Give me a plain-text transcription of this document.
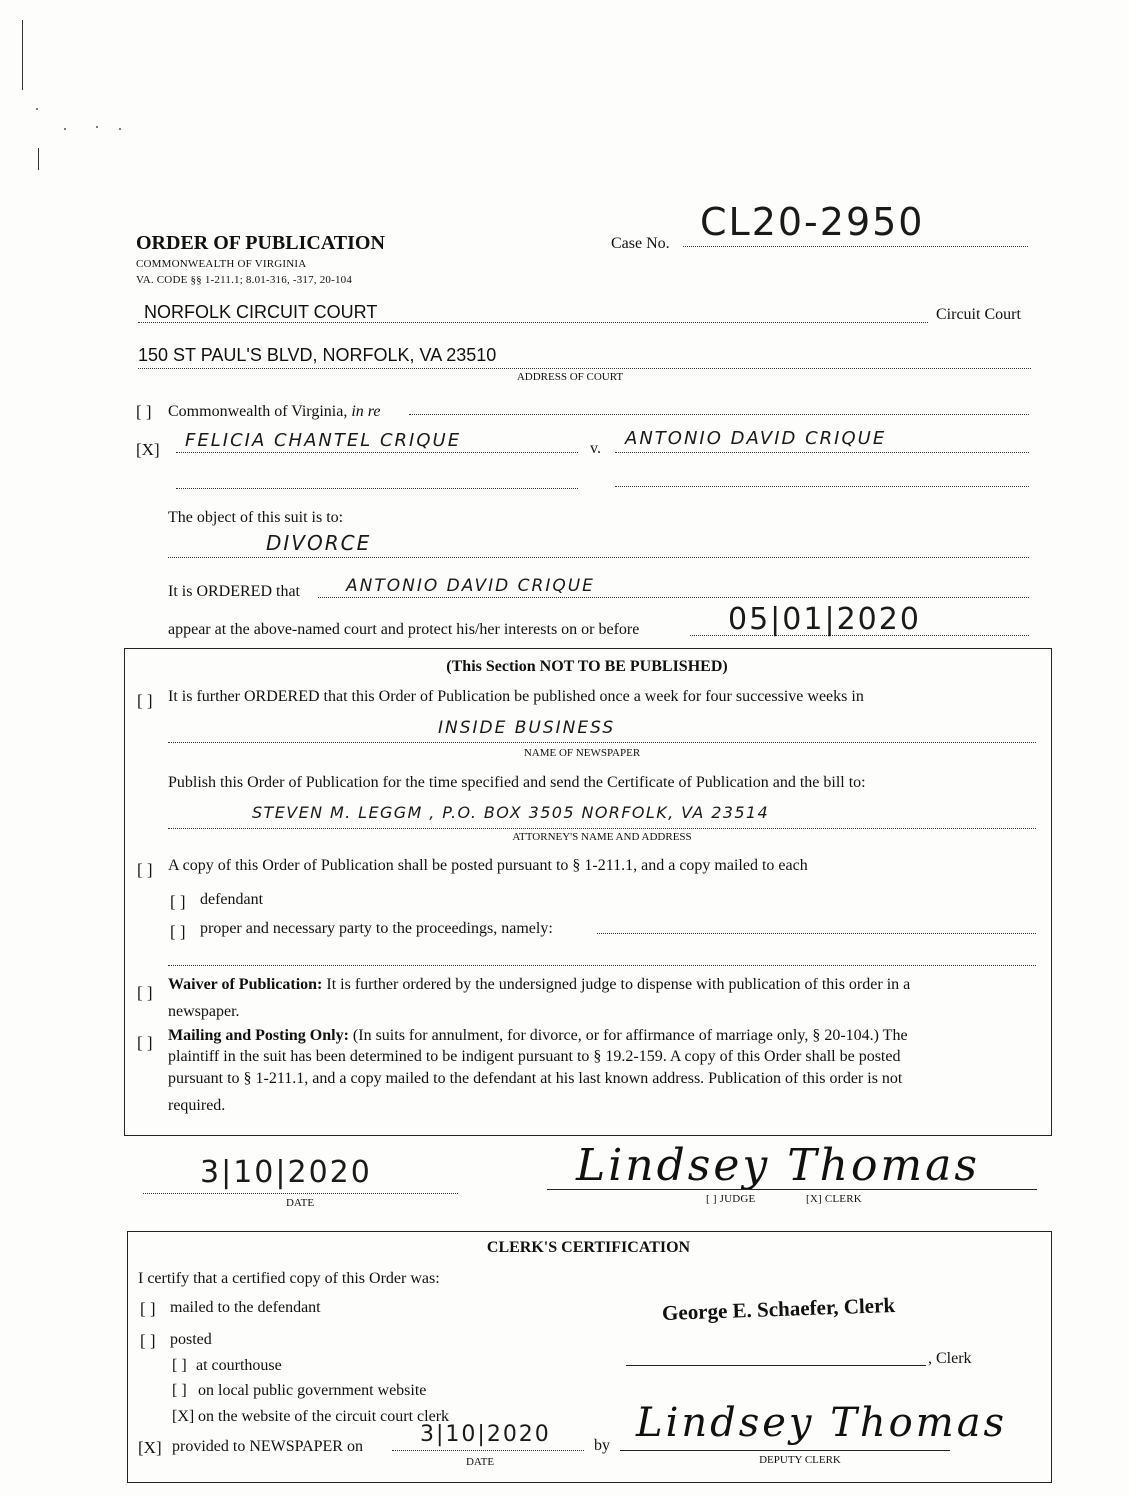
ORDER OF PUBLICATION
COMMONWEALTH OF VIRGINIA
VA. CODE §§ 1-211.1; 8.01-316, -317, 20-104
Case No. CL20-2950
NORFOLK CIRCUIT COURT	Circuit Court
150 ST PAUL'S BLVD, NORFOLK, VA 23510
ADDRESS OF COURT
[ ] Commonwealth of Virginia, in re
[X] FELICIA CHANTEL CRIQUE	v. ANTONIO DAVID CRIQUE
The object of this suit is to:
DIVORCE
It is ORDERED that	ANTONIO DAVID CRIQUE
appear at the above-named court and protect his/her interests on or before	05|01|2020
(This Section NOT TO BE PUBLISHED)
[ ] It is further ORDERED that this Order of Publication be published once a week for four successive weeks in
INSIDE BUSINESS
NAME OF NEWSPAPER
Publish this Order of Publication for the time specified and send the Certificate of Publication and the bill to:
STEVEN M. LEGGM , P.O. BOX 3505 NORFOLK, VA 23514
ATTORNEY'S NAME AND ADDRESS
[ ] A copy of this Order of Publication shall be posted pursuant to § 1-211.1, and a copy mailed to each
[ ] defendant
[ ] proper and necessary party to the proceedings, namely:
[ ] Waiver of Publication: It is further ordered by the undersigned judge to dispense with publication of this order in a
newspaper.
[ ] Mailing and Posting Only: (In suits for annulment, for divorce, or for affirmance of marriage only, § 20-104.) The
plaintiff in the suit has been determined to be indigent pursuant to § 19.2-159. A copy of this Order shall be posted
pursuant to § 1-211.1, and a copy mailed to the defendant at his last known address. Publication of this order is not
required.
3|10|2020
DATE
Lindsey Thomas
[ ] JUDGE	[X] CLERK
CLERK'S CERTIFICATION
I certify that a certified copy of this Order was:
[ ] mailed to the defendant
[ ] posted
[ ] at courthouse
[ ] on local public government website
[X] on the website of the circuit court clerk
[X] provided to NEWSPAPER on	3|10|2020
DATE
by
George E. Schaefer, Clerk
, Clerk
Lindsey Thomas
DEPUTY CLERK
